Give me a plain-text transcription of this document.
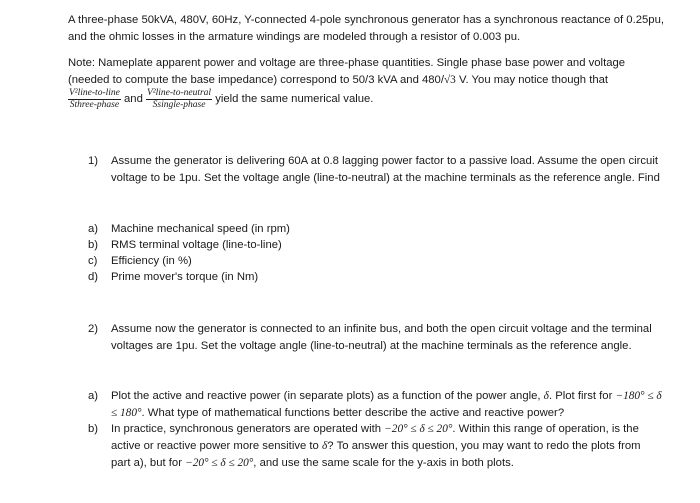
A three-phase 50kVA, 480V, 60Hz, Y-connected 4-pole synchronous generator has a synchronous reactance of 0.25pu, and the ohmic losses in the armature windings are modeled through a resistor of 0.003 pu.

Note: Nameplate apparent power and voltage are three-phase quantities. Single phase base power and voltage (needed to compute the base impedance) correspond to 50/3 kVA and 480/√3 V. You may notice though that

$\frac{\text{V²line-to-line}}{\text{Sthree-phase}}$ and $\frac{\text{V²line-to-neutral}}{\text{Ssingle-phase}}$ yield the same numerical value.
1) Assume the generator is delivering 60A at 0.8 lagging power factor to a passive load. Assume the open circuit voltage to be 1pu. Set the voltage angle (line-to-neutral) at the machine terminals as the reference angle. Find
a) Machine mechanical speed (in rpm)
b) RMS terminal voltage (line-to-line)
c) Efficiency (in %)
d) Prime mover's torque (in Nm)
2) Assume now the generator is connected to an infinite bus, and both the open circuit voltage and the terminal voltages are 1pu. Set the voltage angle (line-to-neutral) at the machine terminals as the reference angle.
a) Plot the active and reactive power (in separate plots) as a function of the power angle, δ. Plot first for −180° ≤ δ ≤ 180°. What type of mathematical functions better describe the active and reactive power?
b) In practice, synchronous generators are operated with −20° ≤ δ ≤ 20°. Within this range of operation, is the active or reactive power more sensitive to δ? To answer this question, you may want to redo the plots from part a), but for −20° ≤ δ ≤ 20°, and use the same scale for the y-axis in both plots.
